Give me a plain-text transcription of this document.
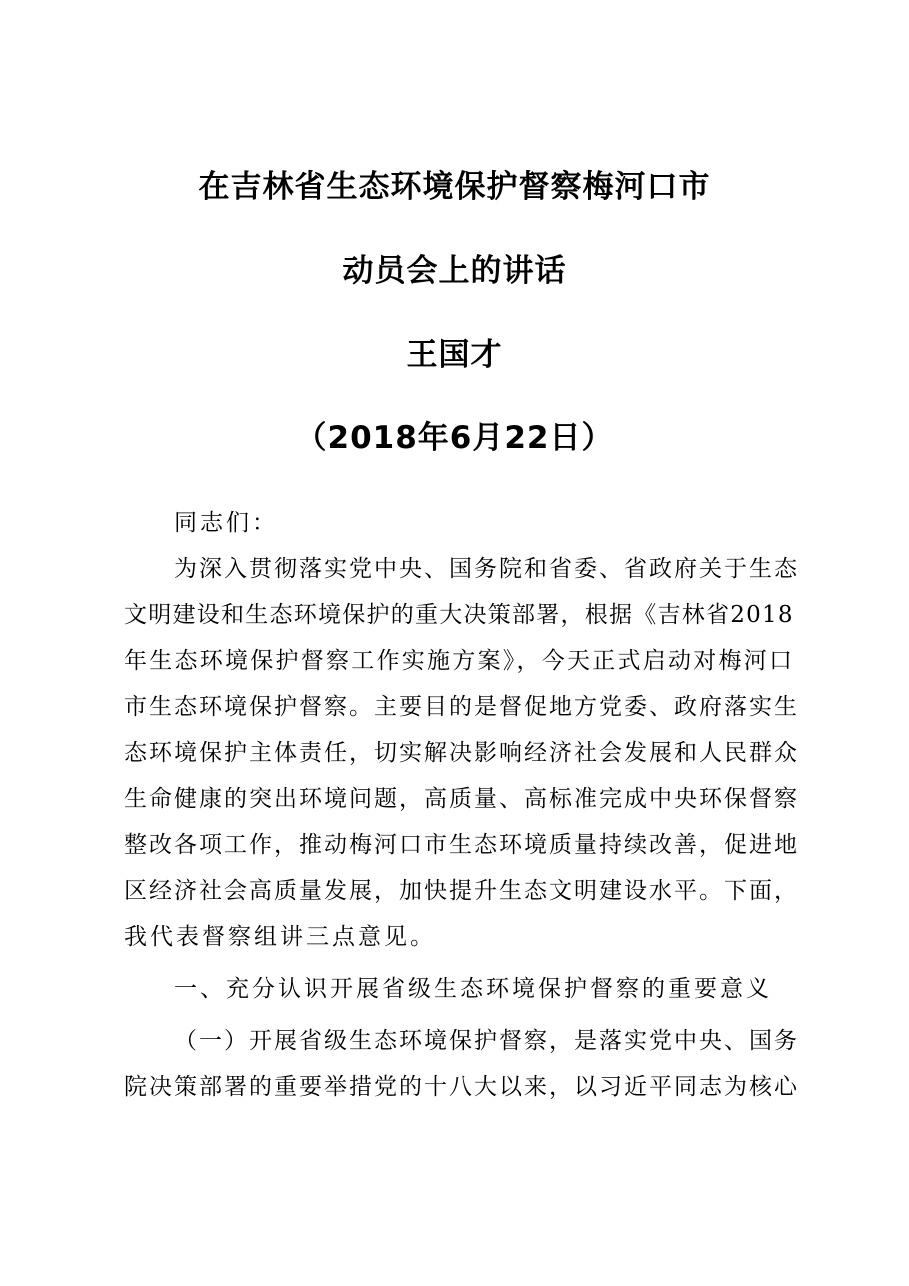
在吉林省生态环境保护督察梅河口市
动员会上的讲话
王国才
（2018年6月22日）
同志们：
为深入贯彻落实党中央、国务院和省委、省政府关于生态
文明建设和生态环境保护的重大决策部署，根据《吉林省2018
年生态环境保护督察工作实施方案》，今天正式启动对梅河口
市生态环境保护督察。主要目的是督促地方党委、政府落实生
态环境保护主体责任，切实解决影响经济社会发展和人民群众
生命健康的突出环境问题，高质量、高标准完成中央环保督察
整改各项工作，推动梅河口市生态环境质量持续改善，促进地
区经济社会高质量发展，加快提升生态文明建设水平。下面，
我代表督察组讲三点意见。
一、充分认识开展省级生态环境保护督察的重要意义
（一）开展省级生态环境保护督察，是落实党中央、国务
院决策部署的重要举措党的十八大以来，以习近平同志为核心
